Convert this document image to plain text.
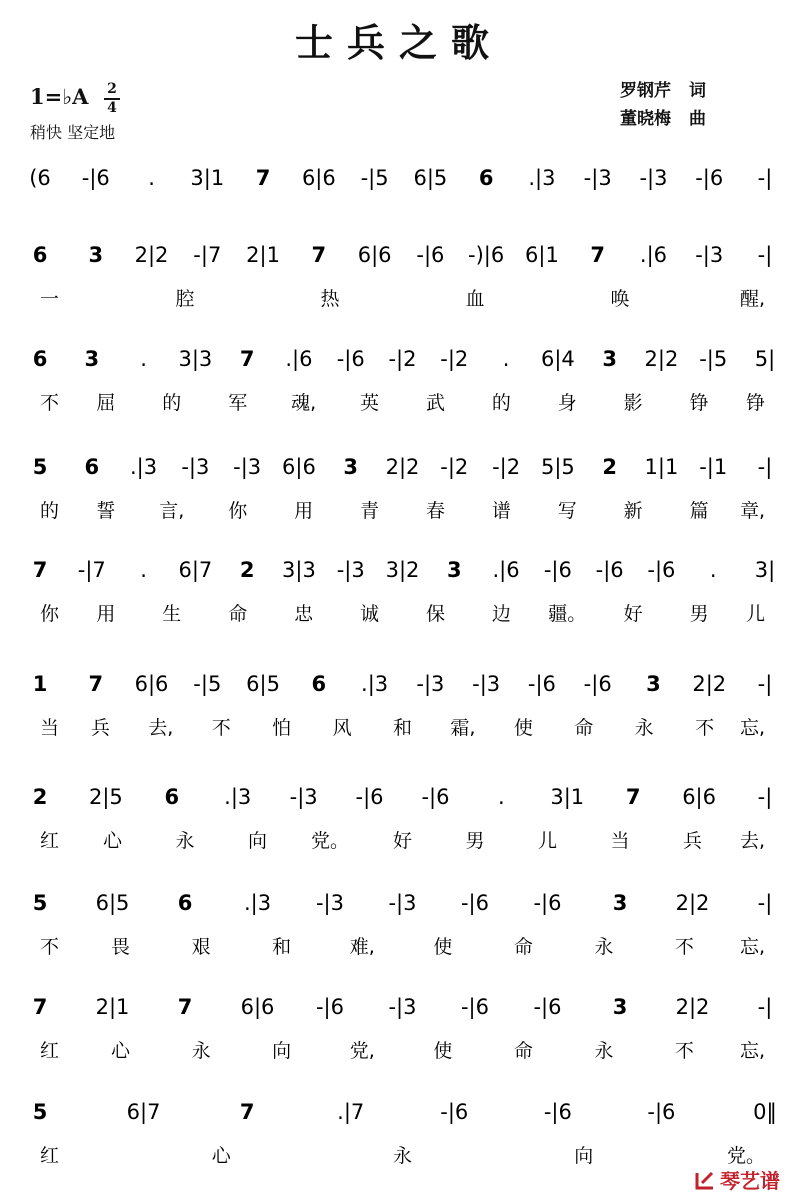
士兵之歌
1=♭A 2
4
稍快 坚定地
罗钢芹 词
董晓梅 曲
(6 -|6 . 3|1 7 6|6 -|5 6|5 6 .|3 -|3 -|3 -|6 -|
6 3 2|2 -|7 2|1 7 6|6 -|6 -)|6 6|1 7 .|6 -|3 -|
一	腔	热	血	唤	醒,
6 3 . 3|3 7 .|6 -|6 -|2 -|2 . 6|4 3 2|2 -|5 5|
不 屈 的 军 魂, 英 武 的 身 影 铮 铮
5 6 .|3 -|3 -|3 6|6 3 2|2 -|2 -|2 5|5 2 1|1 -|1 -|
的 誓 言, 你 用 青 春 谱 写 新 篇 章,
7 -|7 . 6|7 2 3|3 -|3 3|2 3 .|6 -|6 -|6 -|6 . 3|
你 用 生 命 忠 诚 保 边 疆。 好 男 儿
1 7 6|6 -|5 6|5 6 .|3 -|3 -|3 -|6 -|6 3 2|2 -|
当 兵 去, 不 怕 风 和 霜, 使 命 永 不 忘,
2 2|5 6 .|3 -|3 -|6 -|6 . 3|1 7 6|6 -|
红 心	永	向 党。 好	男	儿	当	兵 去,
5 6|5 6 .|3 -|3 -|3 -|6 -|6 3 2|2 -|
不	畏	艰	和	难,	使	命	永	不 忘,
7 2|1 7 6|6 -|6 -|3 -|6 -|6 3 2|2 -|
红	心	永	向	党,	使	命	永	不 忘,
5	6|7	7	.|7	-|6	-|6	-|6	0‖
红	心	永	向	党。
琴艺谱
